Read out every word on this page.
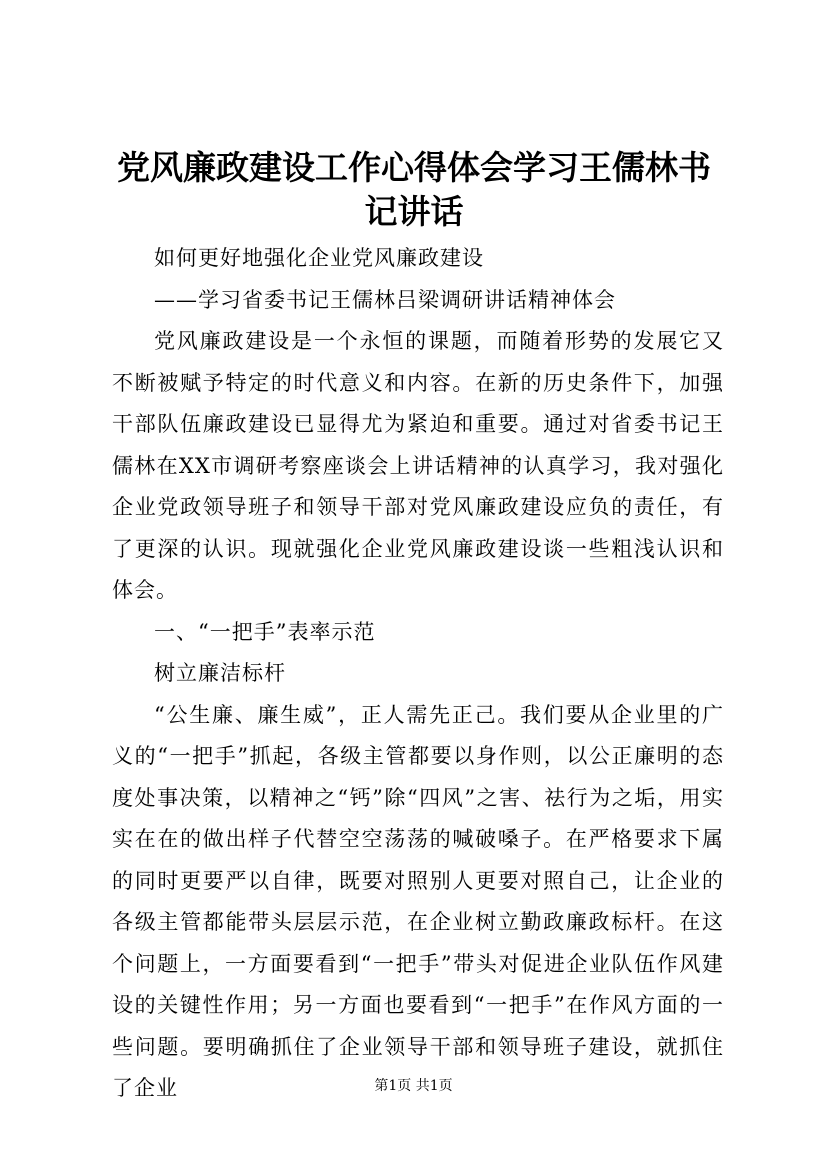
党风廉政建设工作心得体会学习王儒林书记讲话

如何更好地强化企业党风廉政建设

——学习省委书记王儒林吕梁调研讲话精神体会

党风廉政建设是一个永恒的课题，而随着形势的发展它又不断被赋予特定的时代意义和内容。在新的历史条件下，加强干部队伍廉政建设已显得尤为紧迫和重要。通过对省委书记王儒林在XX市调研考察座谈会上讲话精神的认真学习，我对强化企业党政领导班子和领导干部对党风廉政建设应负的责任，有了更深的认识。现就强化企业党风廉政建设谈一些粗浅认识和体会。

一、“一把手”表率示范

树立廉洁标杆

“公生廉、廉生威”，正人需先正己。我们要从企业里的广义的“一把手”抓起，各级主管都要以身作则，以公正廉明的态度处事决策，以精神之“钙”除“四风”之害、祛行为之垢，用实实在在的做出样子代替空空荡荡的喊破嗓子。在严格要求下属的同时更要严以自律，既要对照别人更要对照自己，让企业的各级主管都能带头层层示范，在企业树立勤政廉政标杆。在这个问题上，一方面要看到“一把手”带头对促进企业队伍作风建设的关键性作用；另一方面也要看到“一把手”在作风方面的一些问题。要明确抓住了企业领导干部和领导班子建设，就抓住了企业	第1页 共1页
